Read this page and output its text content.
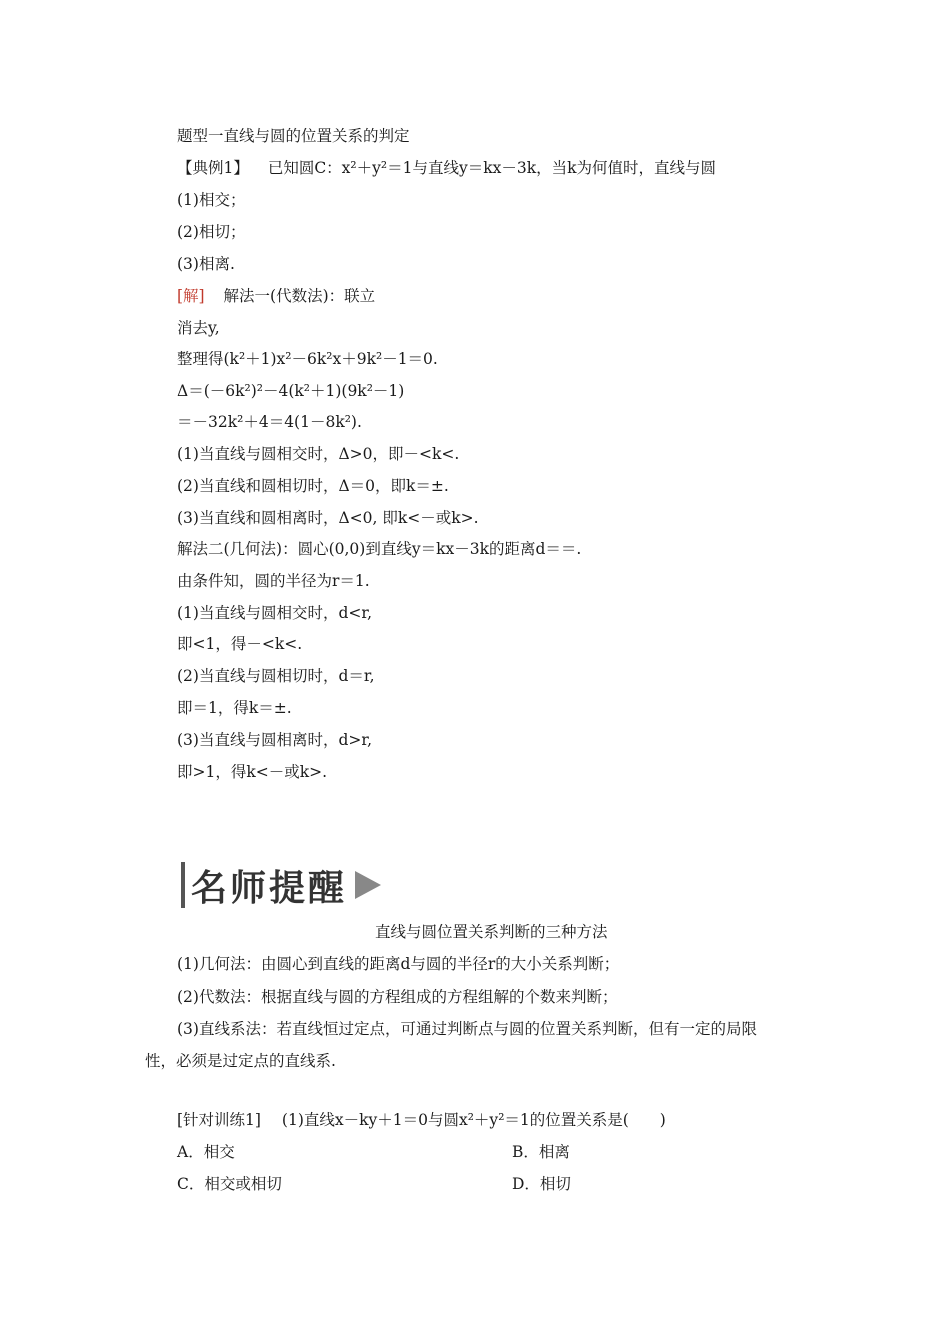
题型一直线与圆的位置关系的判定
【典例1】 已知圆C：x²＋y²＝1与直线y＝kx－3k，当k为何值时，直线与圆
(1)相交；
(2)相切；
(3)相离.
[解] 解法一(代数法)：联立
消去y,
整理得(k²＋1)x²－6k²x＋9k²－1＝0.
Δ＝(－6k²)²－4(k²＋1)(9k²－1)
＝－32k²＋4＝4(1－8k²).
(1)当直线与圆相交时，Δ>0，即－<k<.
(2)当直线和圆相切时，Δ＝0，即k＝±.
(3)当直线和圆相离时，Δ<0, 即k<－或k>.
解法二(几何法)：圆心(0,0)到直线y＝kx－3k的距离d＝＝.
由条件知，圆的半径为r＝1.
(1)当直线与圆相交时，d<r,
即<1，得－<k<.
(2)当直线与圆相切时，d＝r,
即＝1，得k＝±.
(3)当直线与圆相离时，d>r,
即>1，得k<－或k>.
名师提醒
直线与圆位置关系判断的三种方法
(1)几何法：由圆心到直线的距离d与圆的半径r的大小关系判断；
(2)代数法：根据直线与圆的方程组成的方程组解的个数来判断；
(3)直线系法：若直线恒过定点，可通过判断点与圆的位置关系判断，但有一定的局限
性，必须是过定点的直线系.
[针对训练1] (1)直线x－ky＋1＝0与圆x²＋y²＝1的位置关系是(　　)
A．相交	B．相离
C．相交或相切	D．相切
